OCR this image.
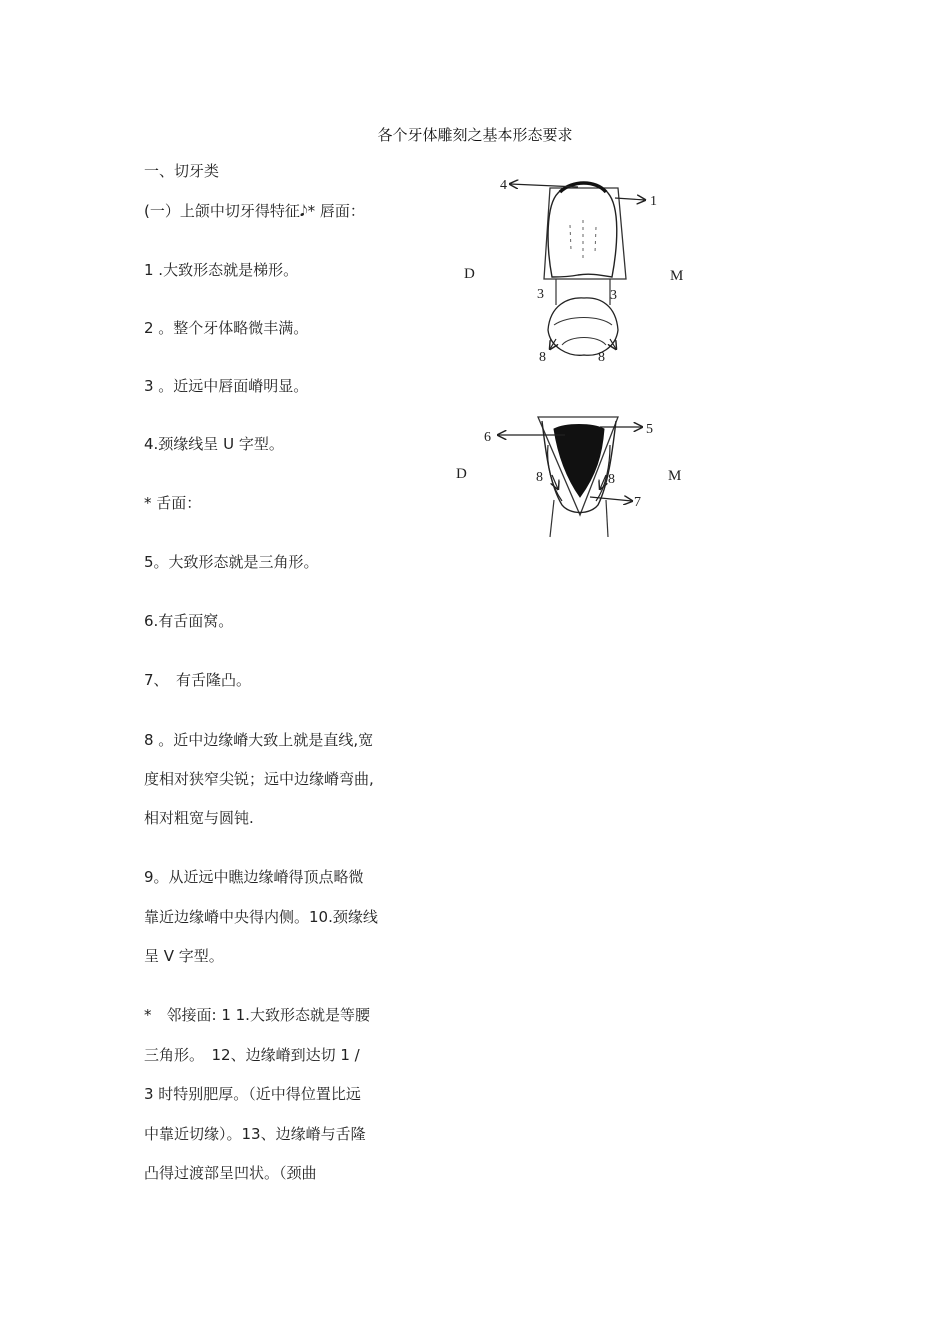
各个牙体雕刻之基本形态要求
一、切牙类
(一）上颌中切牙得特征𝅘𝅥𝅮* 唇面：
1 .大致形态就是梯形。
2 。整个牙体略微丰满。
3 。近远中唇面嵴明显。
4.颈缘线呈 U 字型。
* 舌面：
5。大致形态就是三角形。
6.有舌面窝。
7、　有舌隆凸。
8 。近中边缘嵴大致上就是直线,宽
度相对狭窄尖锐；远中边缘嵴弯曲,
相对粗宽与圆钝.
9。从近远中瞧边缘嵴得顶点略微
靠近边缘嵴中央得内侧。10.颈缘线
呈 V 字型。
*　邻接面: 1 1.大致形态就是等腰
三角形。　12、边缘嵴到达切 1 /
3 时特别肥厚。（近中得位置比远
中靠近切缘）。13、边缘嵴与舌隆
凸得过渡部呈凹状。（颈曲
4
1
D	M
3	3
8	8
6
5
7
D	M
8	8
